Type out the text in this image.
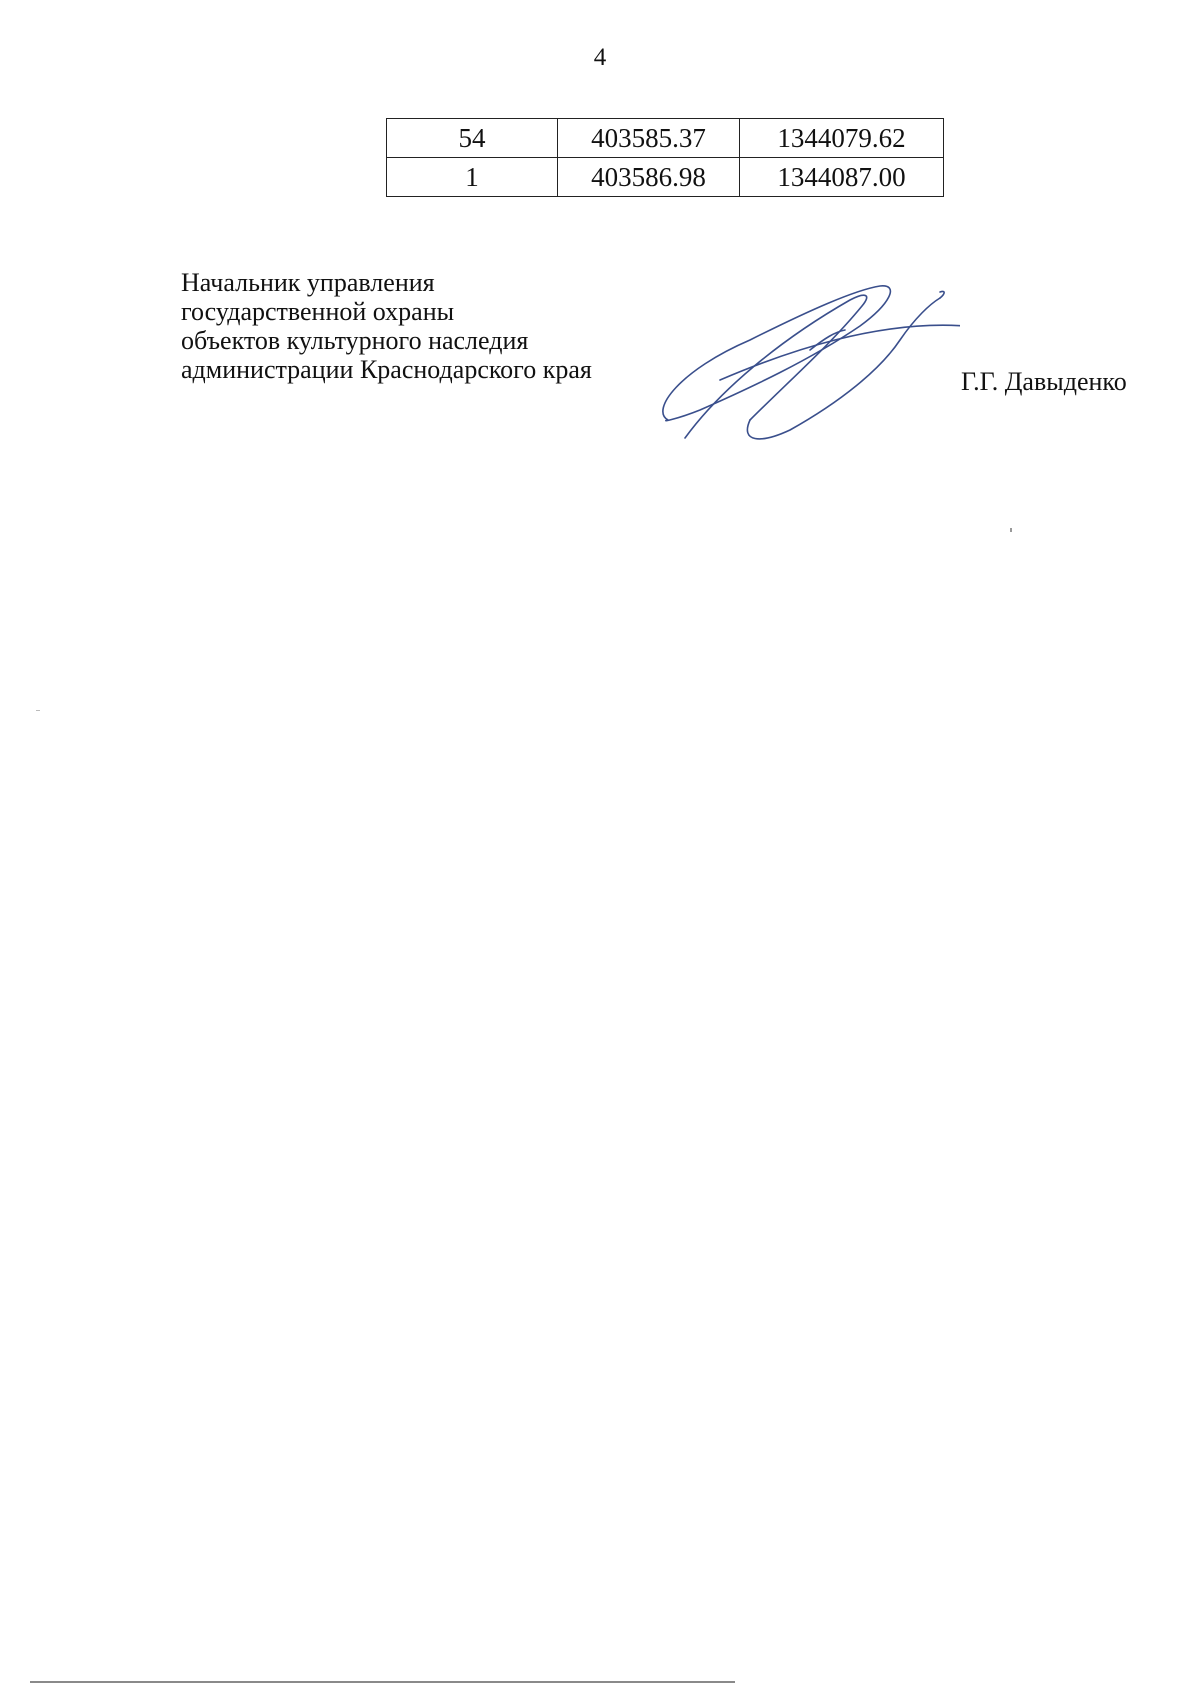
4
54	403585.37	1344079.62
1	403586.98	1344087.00
Начальник управления
государственной охраны
объектов культурного наследия
администрации Краснодарского края	Г.Г. Давыденко
